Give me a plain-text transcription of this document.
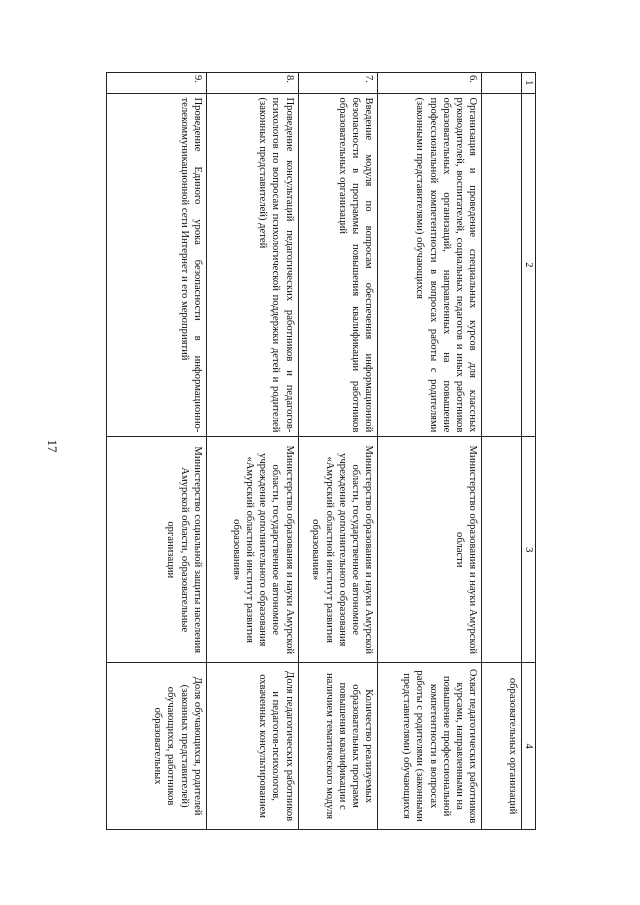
17
1	2	3	4
			образовательных организаций
6.	Организация и проведение специальных курсов для классных руководителей, воспитателей, социальных педагогов и иных работников образовательных организаций, направленных на повышение профессиональной компетентности в вопросах работы с родителями (законными представителями) обучающихся	Министерство образования и науки Амурской области	Охват педагогических работников курсами, направленными на повышение профессиональной компетентности в вопросах работы с родителями (законными представителями) обучающихся
7.	Введение модуля по вопросам обеспечения информационной безопасности в программы повышения квалификации работников образовательных организаций	Министерство образования и науки Амурской области, государственное автономное учреждение дополнительного образования «Амурский областной институт развития образования»	Количество реализуемых образовательных программ повышения квалификации с наличием тематического модуля
8.	Проведение консультаций педагогических работников и педагогов-психологов по вопросам психологической поддержки детей и родителей (законных представителей) детей	Министерство образования и науки Амурской области, государственное автономное учреждение дополнительного образования «Амурский областной институт развития образования»	Доля педагогических работников и педагогов-психологов, охваченных консультированием
9.	Проведение Единого урока безопасности в информационно-телекоммуникационной сети Интернет и его мероприятий	Министерство социальной защиты населения Амурской области, образовательные организации	Доля обучающихся, родителей (законных представителей) обучающихся, работников образовательных
